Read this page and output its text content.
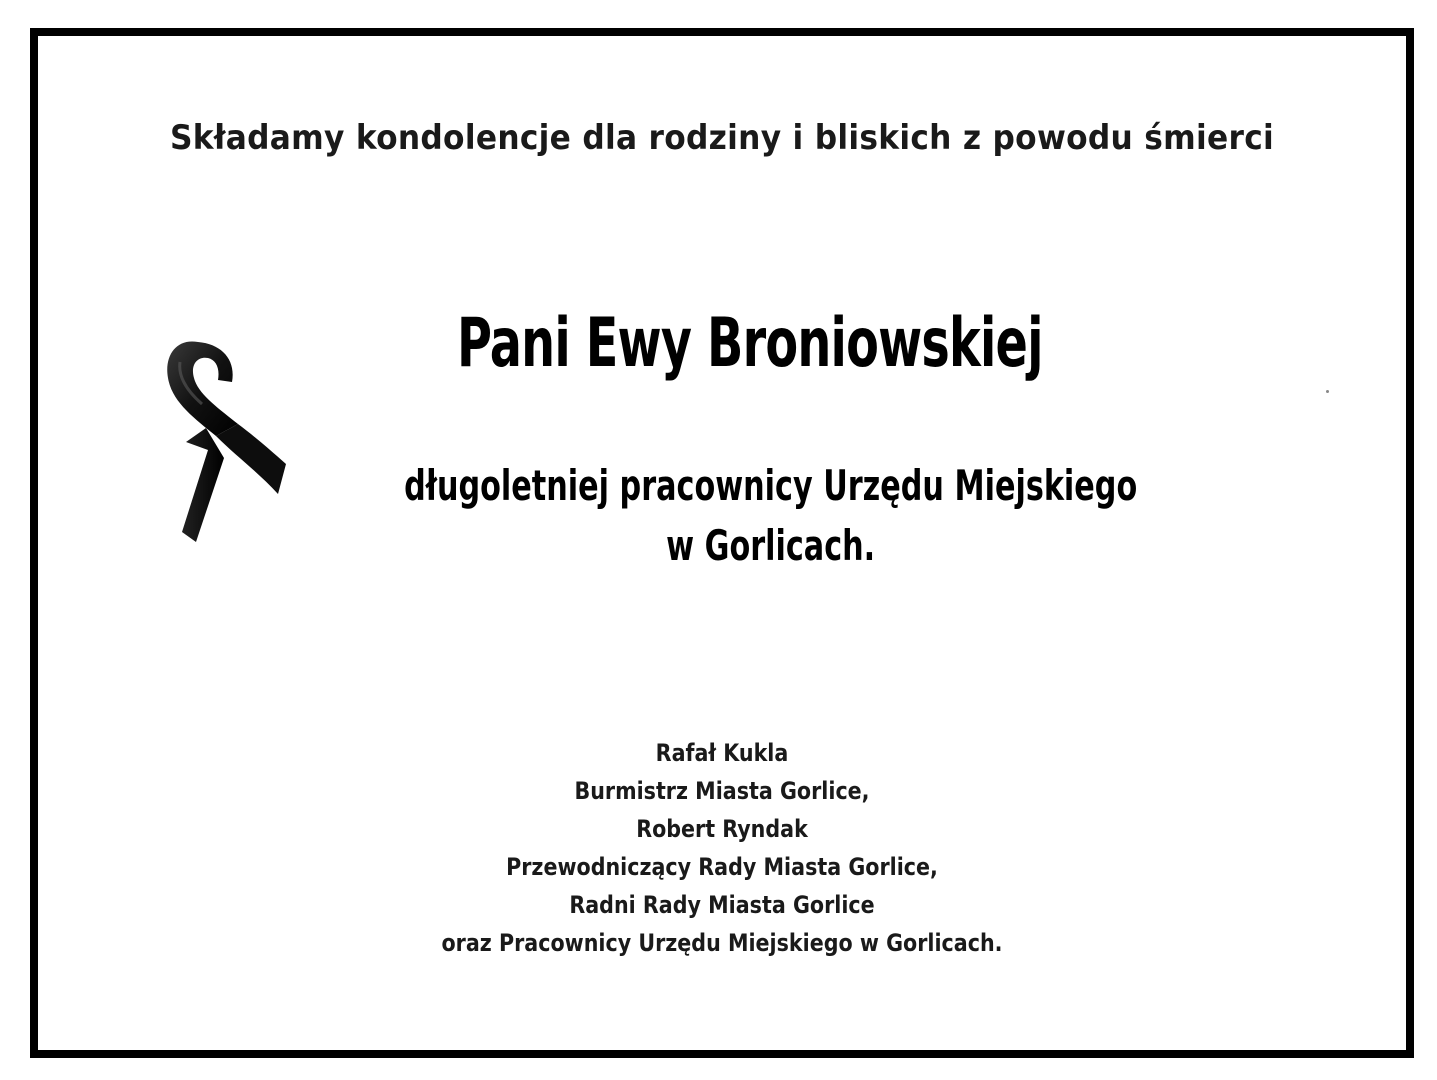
Składamy kondolencje dla rodziny i bliskich z powodu śmierci
Pani Ewy Broniowskiej
długoletniej pracownicy Urzędu Miejskiego
w Gorlicach.
Rafał Kukla
Burmistrz Miasta Gorlice,
Robert Ryndak
Przewodniczący Rady Miasta Gorlice,
Radni Rady Miasta Gorlice
oraz Pracownicy Urzędu Miejskiego w Gorlicach.
